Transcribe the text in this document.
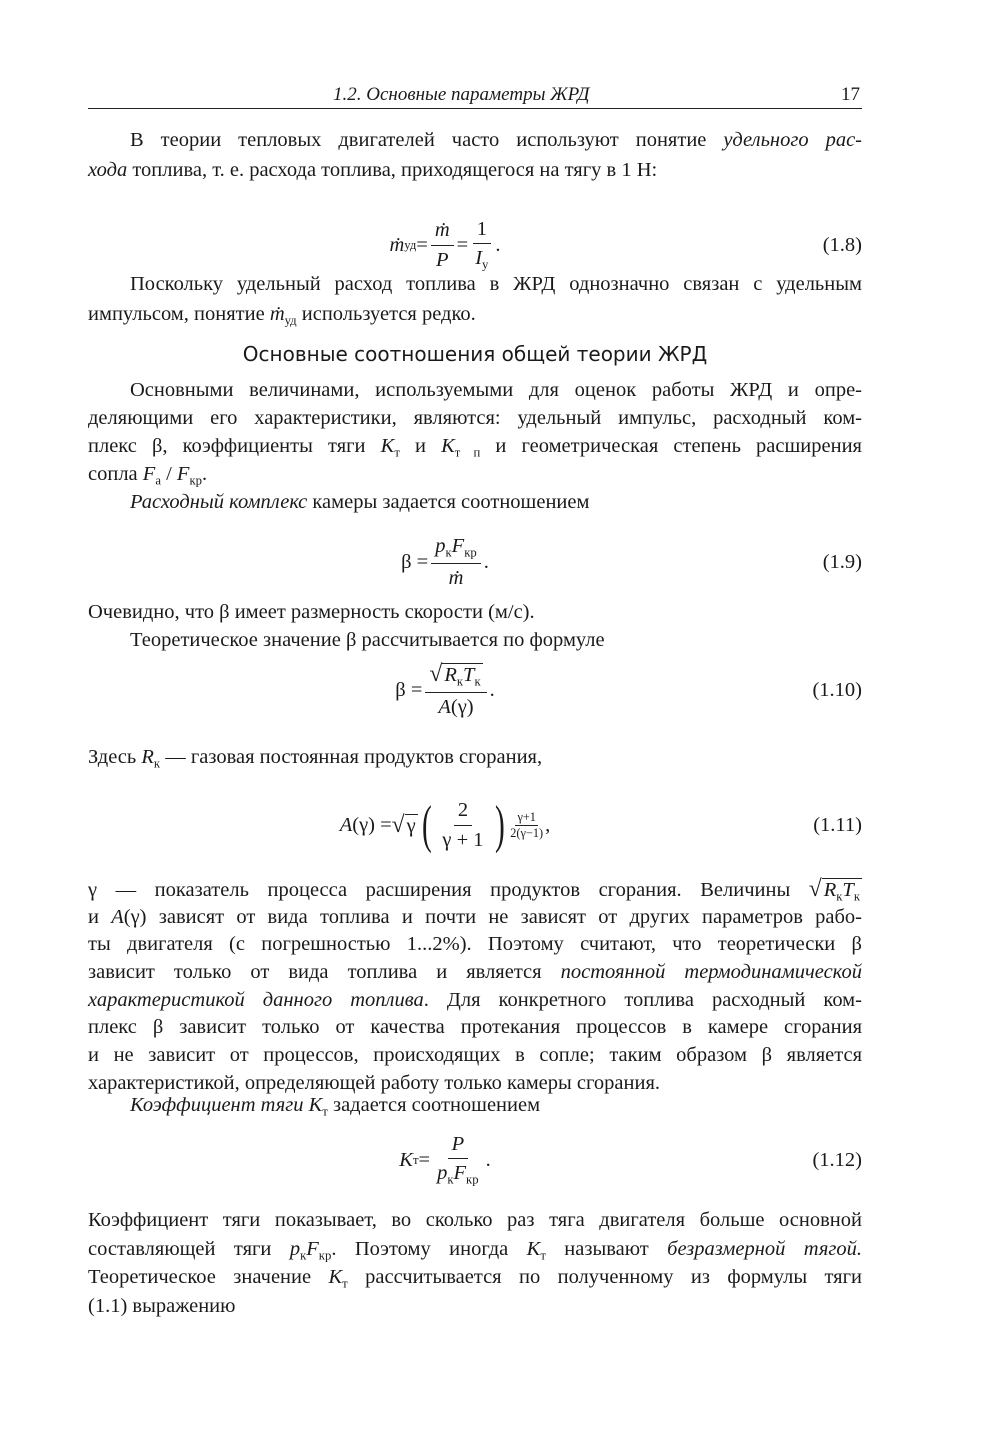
1.2. Основные параметры ЖРД	17
В теории тепловых двигателей часто используют понятие удельного рас-
хода топлива, т. е. расхода топлива, приходящегося на тягу в 1 Н:
ṁ уд = $\frac{\text{ṁ}}{P} = \frac{1}{I_у}$ .	(1.8)
Поскольку удельный расход топлива в ЖРД однозначно связан с удельным
импульсом, понятие ṁ$_{уд}$ используется редко.
Основные соотношения общей теории ЖРД
Основными величинами, используемыми для оценок работы ЖРД и опре-
деляющими его характеристики, являются: удельный импульс, расходный ком-
плекс β, коэффициенты тяги $K_т$ и $K_{т п}$ и геометрическая степень расширения
сопла $F_а / F_{кр}$.
Расходный комплекс камеры задается соотношением
$\beta = \frac{p_кF_{кр}}{\text{ṁ}}$ .	(1.9)
Очевидно, что β имеет размерность скорости (м/с).
Теоретическое значение β рассчитывается по формуле
$\beta = \frac{√R_кT_к}{A(\gamma)}$ .	(1.10)
Здесь $R_к$ — газовая постоянная продуктов сгорания,
A (γ) = √γ ( $\frac{2}{\gamma + 1}$ ) $\frac{\gamma+1}{2(\gamma-1)}$ ,	(1.11)
γ — показатель процесса расширения продуктов сгорания. Величины $√R_кT_к$
и A(γ) зависят от вида топлива и почти не зависят от других параметров рабо-
ты двигателя (с погрешностью 1...2%). Поэтому считают, что теоретически β
зависит только от вида топлива и является постоянной термодинамической
характеристикой данного топлива. Для конкретного топлива расходный ком-
плекс β зависит только от качества протекания процессов в камере сгорания
и не зависит от процессов, происходящих в сопле; таким образом β является
характеристикой, определяющей работу только камеры сгорания.
Коэффициент тяги $K_т$ задается соотношением
K $т = \frac{P}{p_кF_{кр}}$ .	(1.12)
Коэффициент тяги показывает, во сколько раз тяга двигателя больше основной
составляющей тяги $p_кF_{кр}$. Поэтому иногда $K_т$ называют безразмерной тягой.
Теоретическое значение $K_т$ рассчитывается по полученному из формулы тяги
(1.1) выражению
